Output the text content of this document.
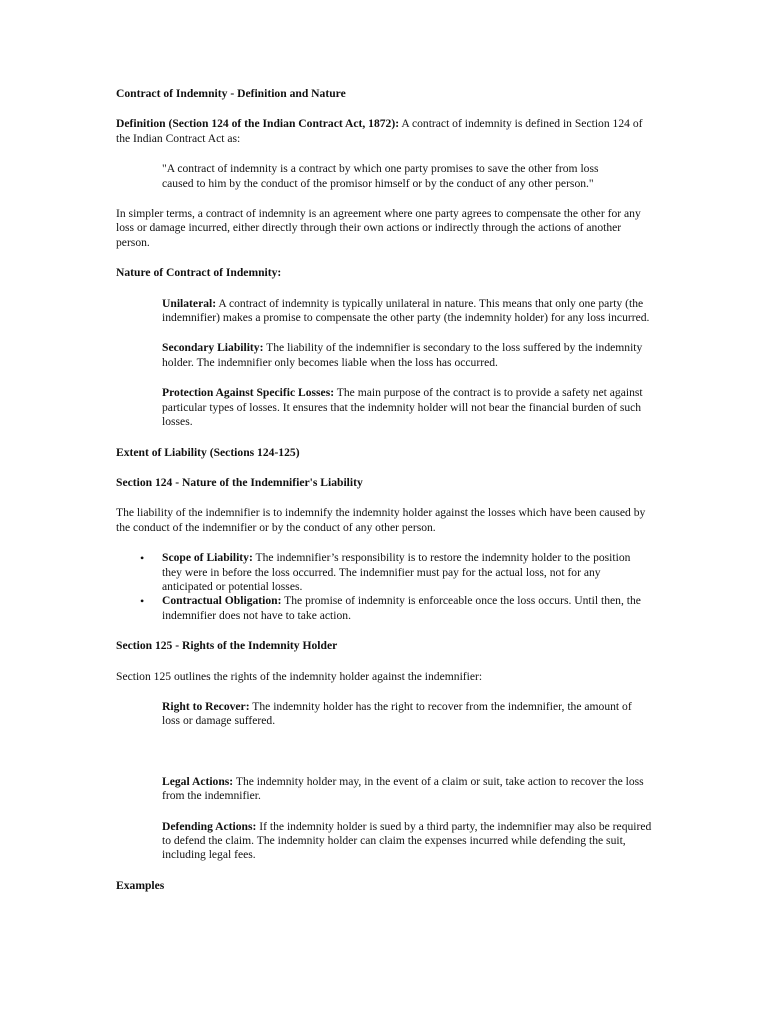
Contract of Indemnity - Definition and Nature

Definition (Section 124 of the Indian Contract Act, 1872): A contract of indemnity is defined in Section 124 of the Indian Contract Act as:

"A contract of indemnity is a contract by which one party promises to save the other from loss caused to him by the conduct of the promisor himself or by the conduct of any other person."

In simpler terms, a contract of indemnity is an agreement where one party agrees to compensate the other for any loss or damage incurred, either directly through their own actions or indirectly through the actions of another person.

Nature of Contract of Indemnity:

Unilateral: A contract of indemnity is typically unilateral in nature. This means that only one party (the indemnifier) makes a promise to compensate the other party (the indemnity holder) for any loss incurred.

Secondary Liability: The liability of the indemnifier is secondary to the loss suffered by the indemnity holder. The indemnifier only becomes liable when the loss has occurred.

Protection Against Specific Losses: The main purpose of the contract is to provide a safety net against particular types of losses. It ensures that the indemnity holder will not bear the financial burden of such losses.

Extent of Liability (Sections 124-125)

Section 124 - Nature of the Indemnifier's Liability

The liability of the indemnifier is to indemnify the indemnity holder against the losses which have been caused by the conduct of the indemnifier or by the conduct of any other person.

• Scope of Liability: The indemnifier’s responsibility is to restore the indemnity holder to the position they were in before the loss occurred. The indemnifier must pay for the actual loss, not for any anticipated or potential losses.
• Contractual Obligation: The promise of indemnity is enforceable once the loss occurs. Until then, the indemnifier does not have to take action.

Section 125 - Rights of the Indemnity Holder

Section 125 outlines the rights of the indemnity holder against the indemnifier:

Right to Recover: The indemnity holder has the right to recover from the indemnifier, the amount of loss or damage suffered.

Legal Actions: The indemnity holder may, in the event of a claim or suit, take action to recover the loss from the indemnifier.

Defending Actions: If the indemnity holder is sued by a third party, the indemnifier may also be required to defend the claim. The indemnity holder can claim the expenses incurred while defending the suit, including legal fees.

Examples
